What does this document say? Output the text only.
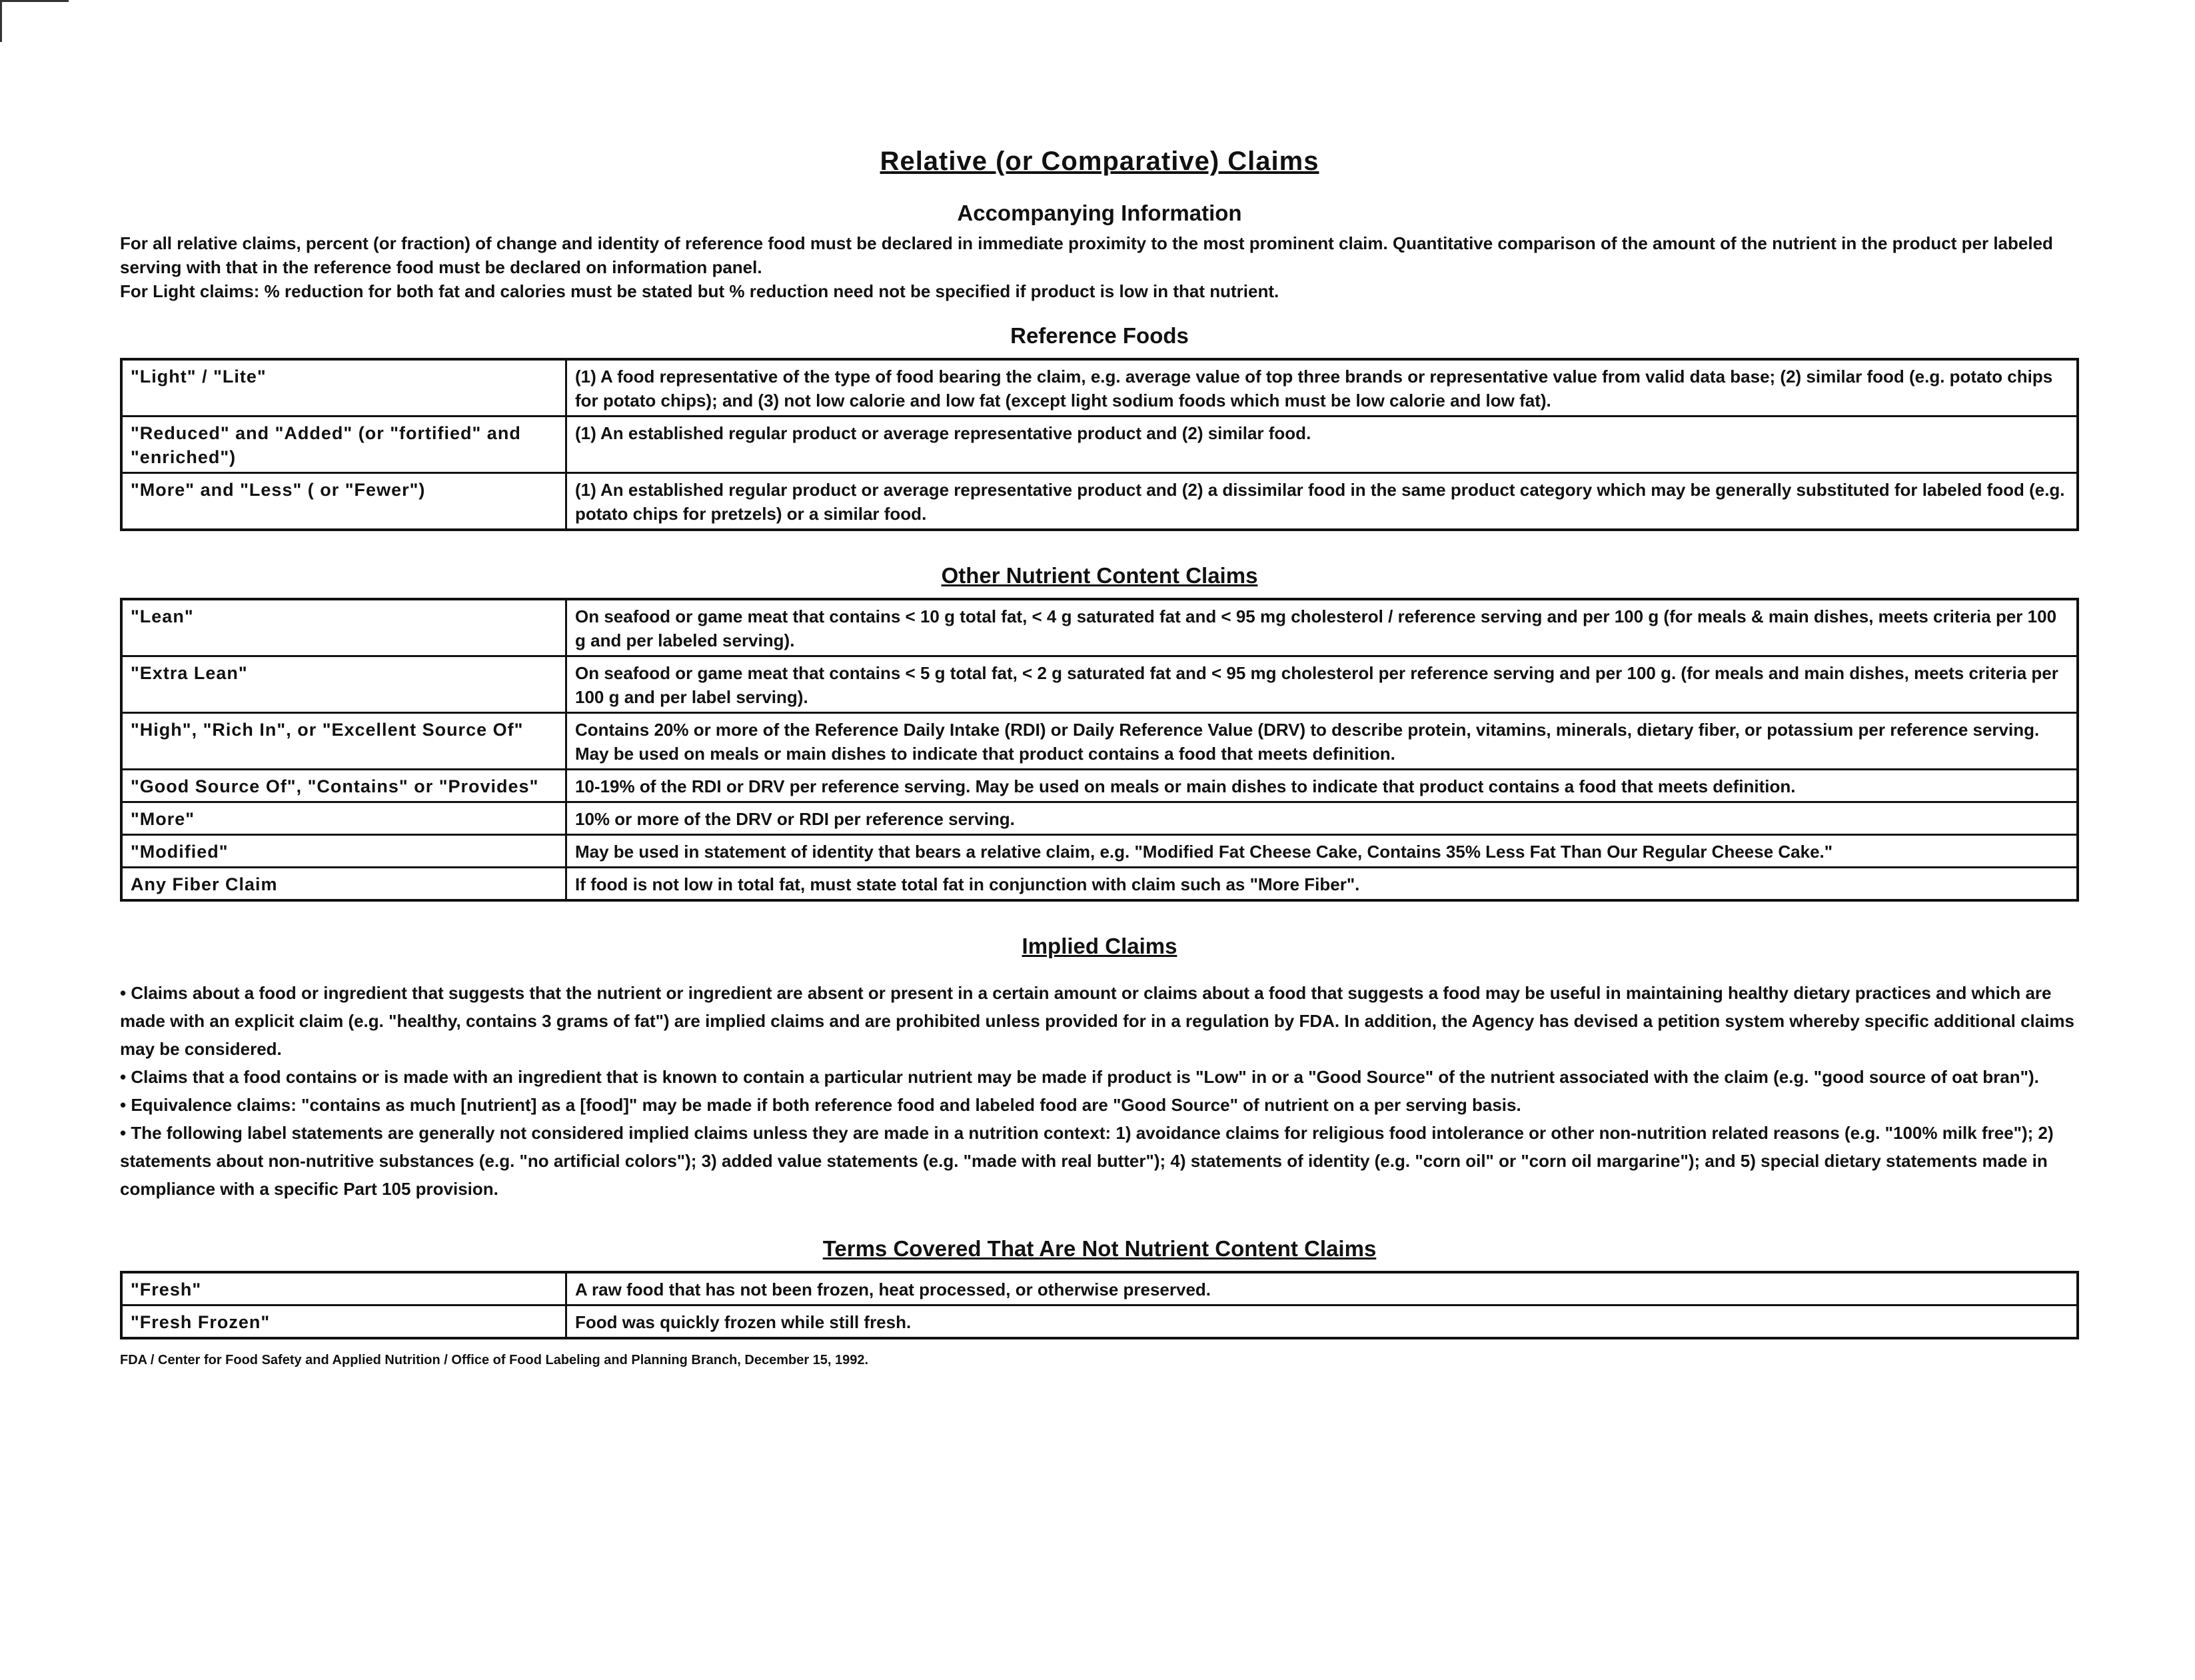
Relative (or Comparative) Claims
Accompanying Information

For all relative claims, percent (or fraction) of change and identity of reference food must be declared in immediate proximity to the most prominent claim. Quantitative comparison of the amount of the nutrient in the product per labeled serving with that in the reference food must be declared on information panel.

For Light claims: % reduction for both fat and calories must be stated but % reduction need not be specified if product is low in that nutrient.

Reference Foods
"Light" / "Lite"	(1) A food representative of the type of food bearing the claim, e.g. average value of top three brands or representative value from valid data base; (2) similar food (e.g. potato chips for potato chips); and (3) not low calorie and low fat (except light sodium foods which must be low calorie and low fat).
"Reduced" and "Added" (or "fortified" and "enriched")	(1) An established regular product or average representative product and (2) similar food.
"More" and "Less" ( or "Fewer")	(1) An established regular product or average representative product and (2) a dissimilar food in the same product category which may be generally substituted for labeled food (e.g. potato chips for pretzels) or a similar food.
Other Nutrient Content Claims
"Lean"	On seafood or game meat that contains < 10 g total fat, < 4 g saturated fat and < 95 mg cholesterol / reference serving and per 100 g (for meals & main dishes, meets criteria per 100 g and per labeled serving).
"Extra Lean"	On seafood or game meat that contains < 5 g total fat, < 2 g saturated fat and < 95 mg cholesterol per reference serving and per 100 g. (for meals and main dishes, meets criteria per 100 g and per label serving).
"High", "Rich In", or "Excellent Source Of"	Contains 20% or more of the Reference Daily Intake (RDI) or Daily Reference Value (DRV) to describe protein, vitamins, minerals, dietary fiber, or potassium per reference serving. May be used on meals or main dishes to indicate that product contains a food that meets definition.
"Good Source Of", "Contains" or "Provides"	10-19% of the RDI or DRV per reference serving. May be used on meals or main dishes to indicate that product contains a food that meets definition.
"More"	10% or more of the DRV or RDI per reference serving.
"Modified"	May be used in statement of identity that bears a relative claim, e.g. "Modified Fat Cheese Cake, Contains 35% Less Fat Than Our Regular Cheese Cake."
Any Fiber Claim	If food is not low in total fat, must state total fat in conjunction with claim such as "More Fiber".
Implied Claims
• Claims about a food or ingredient that suggests that the nutrient or ingredient are absent or present in a certain amount or claims about a food that suggests a food may be useful in maintaining healthy dietary practices and which are made with an explicit claim (e.g. "healthy, contains 3 grams of fat") are implied claims and are prohibited unless provided for in a regulation by FDA. In addition, the Agency has devised a petition system whereby specific additional claims may be considered.
• Claims that a food contains or is made with an ingredient that is known to contain a particular nutrient may be made if product is "Low" in or a "Good Source" of the nutrient associated with the claim (e.g. "good source of oat bran").
• Equivalence claims: "contains as much [nutrient] as a [food]" may be made if both reference food and labeled food are "Good Source" of nutrient on a per serving basis.
• The following label statements are generally not considered implied claims unless they are made in a nutrition context: 1) avoidance claims for religious food intolerance or other non-nutrition related reasons (e.g. "100% milk free"); 2) statements about non-nutritive substances (e.g. "no artificial colors"); 3) added value statements (e.g. "made with real butter"); 4) statements of identity (e.g. "corn oil" or "corn oil margarine"); and 5) special dietary statements made in compliance with a specific Part 105 provision.
Terms Covered That Are Not Nutrient Content Claims
"Fresh"	A raw food that has not been frozen, heat processed, or otherwise preserved.
"Fresh Frozen"	Food was quickly frozen while still fresh.
FDA / Center for Food Safety and Applied Nutrition / Office of Food Labeling and Planning Branch, December 15, 1992.
